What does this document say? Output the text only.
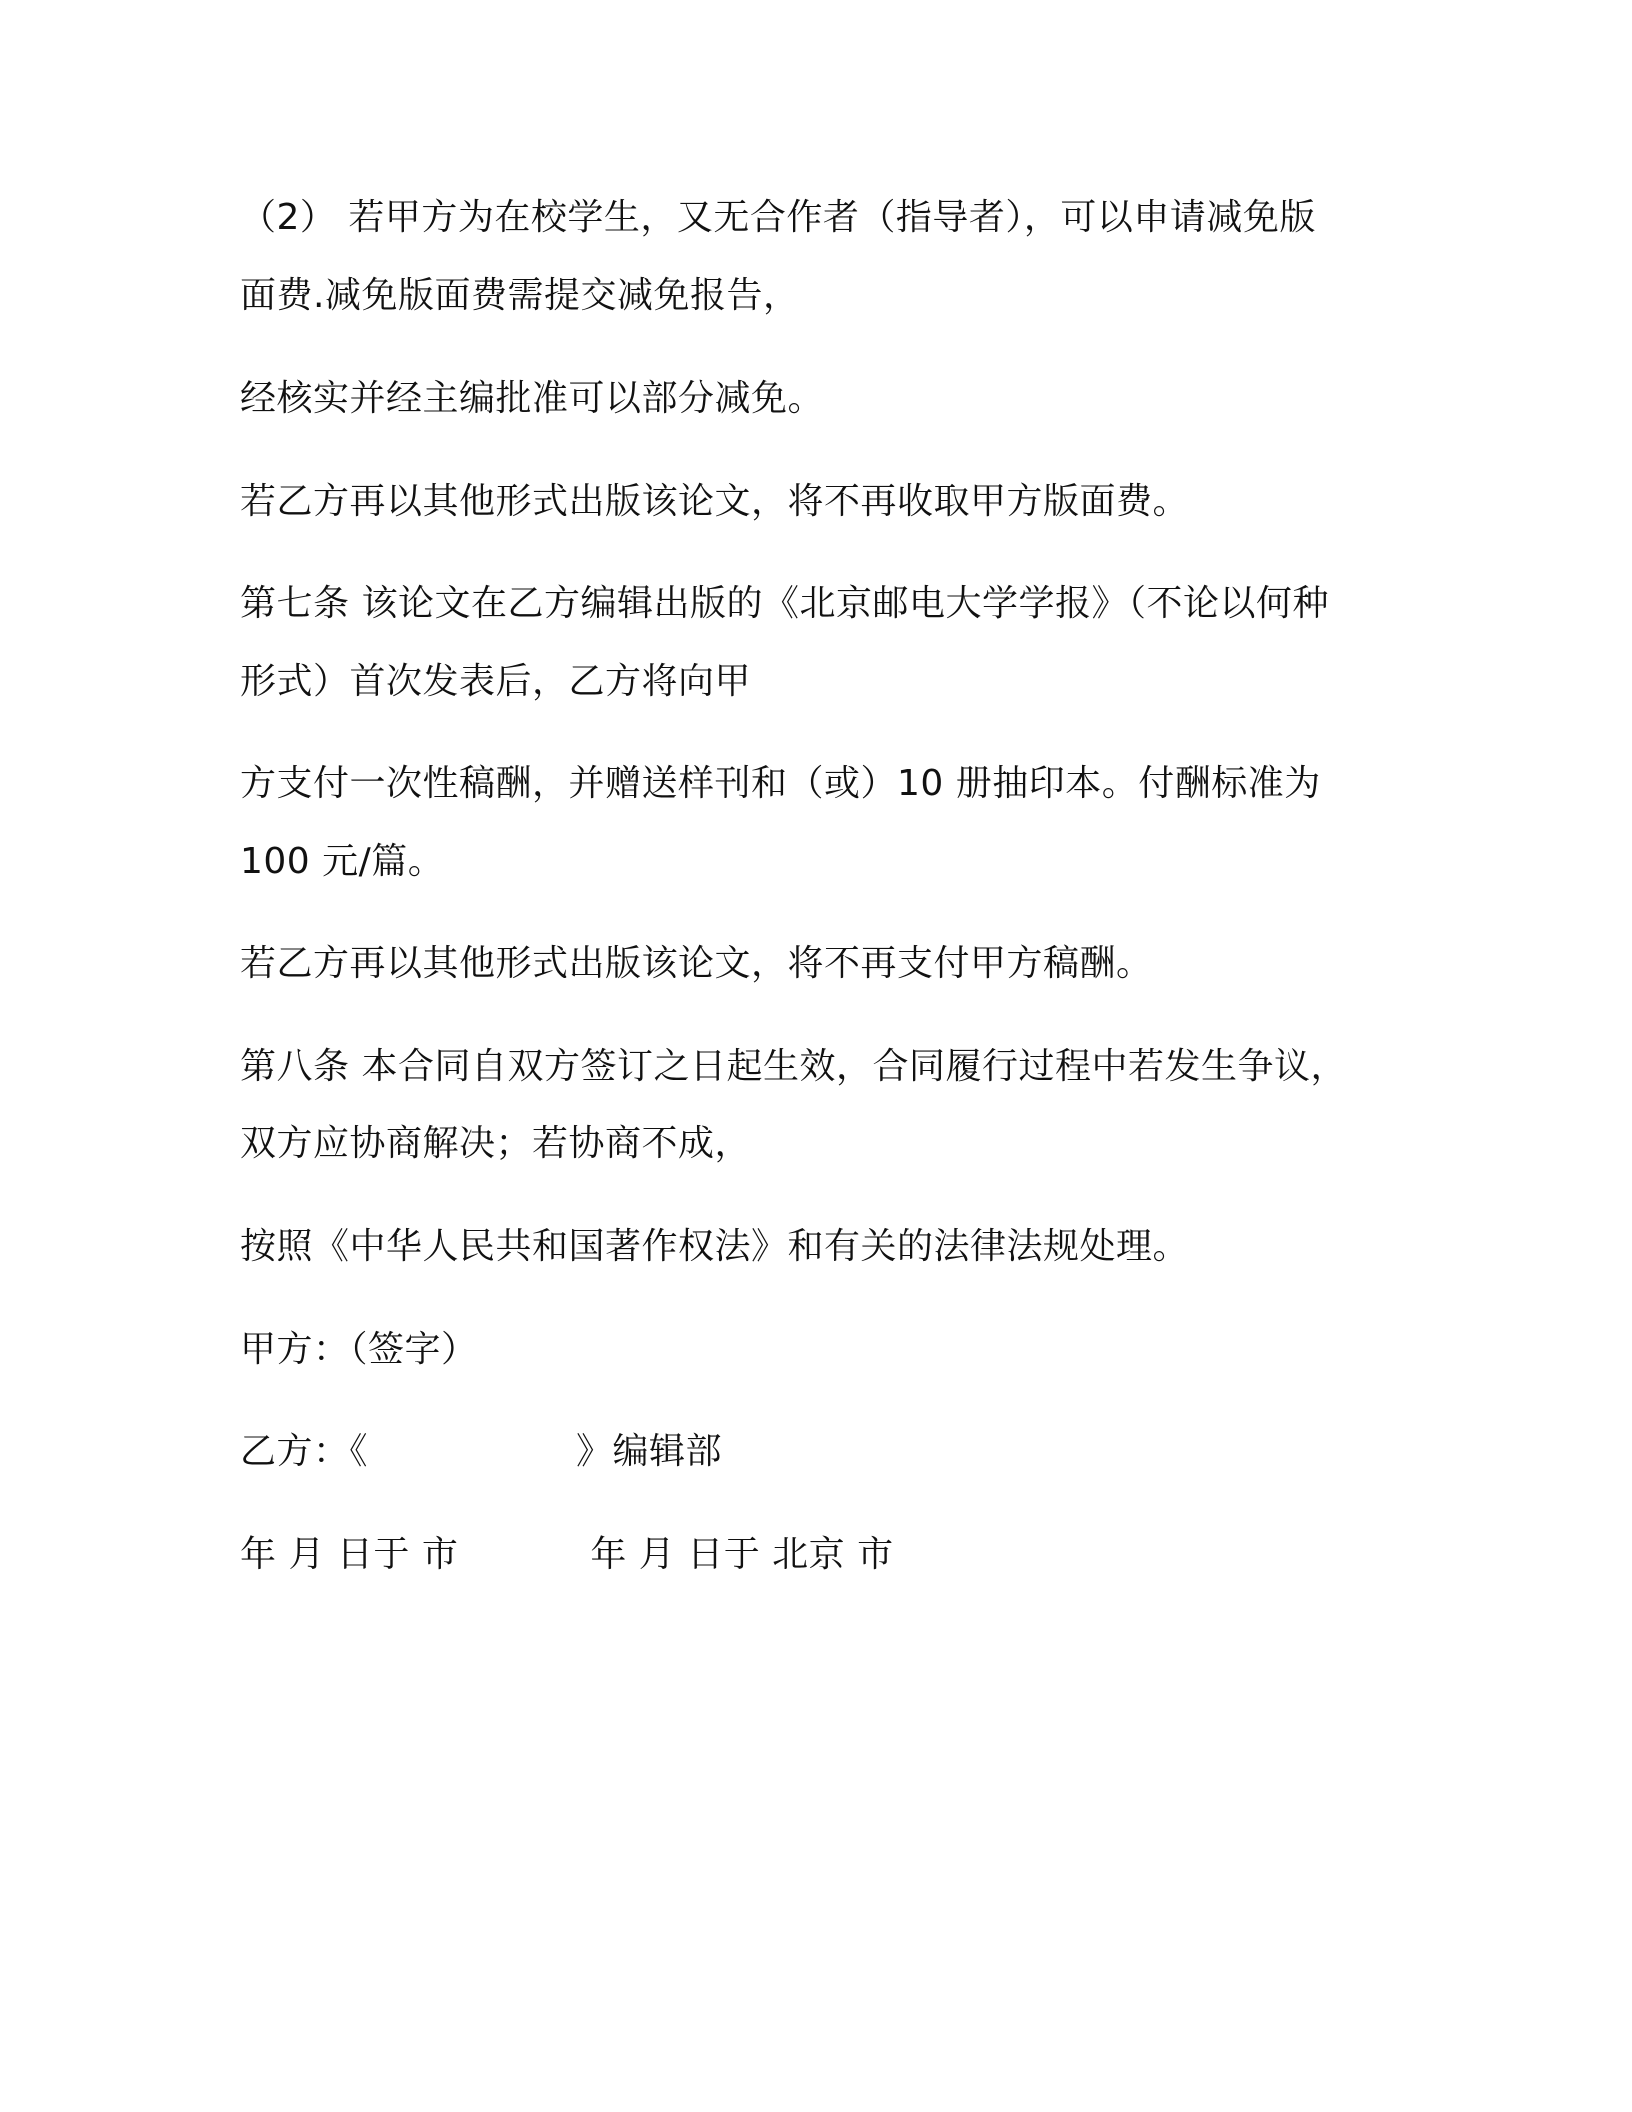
（2） 若甲方为在校学生，又无合作者（指导者），可以申请减免版
面费.减免版面费需提交减免报告，
经核实并经主编批准可以部分减免。
若乙方再以其他形式出版该论文，将不再收取甲方版面费。
第七条 该论文在乙方编辑出版的《北京邮电大学学报》（不论以何种
形式）首次发表后，乙方将向甲
方支付一次性稿酬，并赠送样刊和（或）10 册抽印本。付酬标准为
100 元/篇。
若乙方再以其他形式出版该论文，将不再支付甲方稿酬。
第八条 本合同自双方签订之日起生效，合同履行过程中若发生争议，
双方应协商解决；若协商不成，
按照《中华人民共和国著作权法》和有关的法律法规处理。
甲方：（签字）
乙方：《	》编辑部
年 月 日于 市	年 月 日于 北京 市
